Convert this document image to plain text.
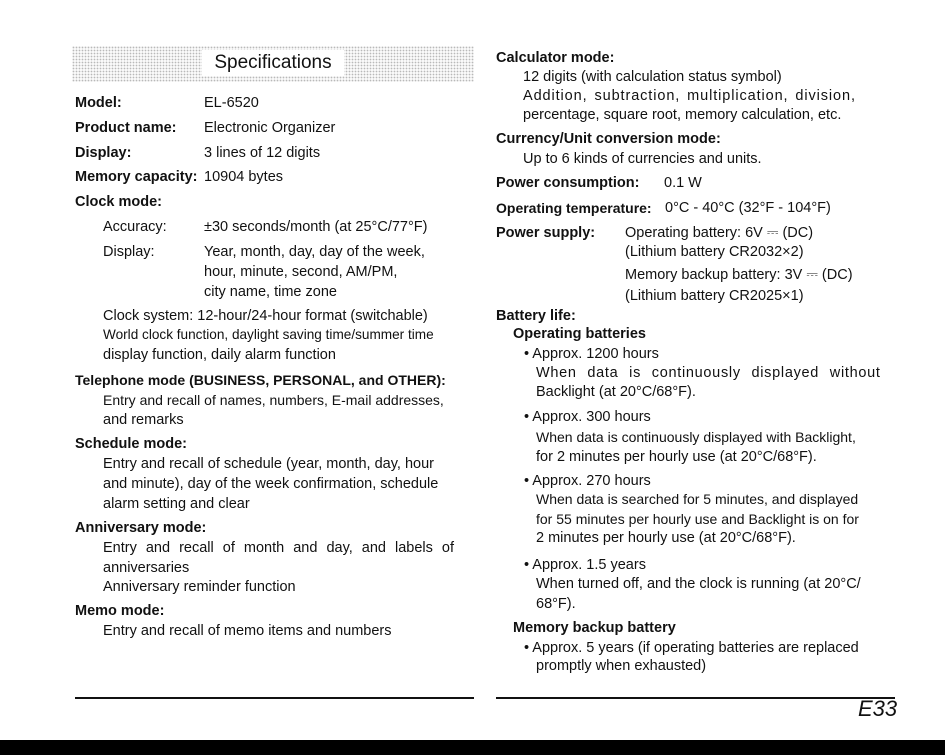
Specifications
Model:	EL-6520
Product name: Electronic Organizer
Display:	3 lines of 12 digits
Memory capacity: 10904 bytes
Clock mode:
Accuracy:	±30 seconds/month (at 25°C/77°F)
Display:	Year, month, day, day of the week,
hour, minute, second, AM/PM,
city name, time zone
Clock system: 12-hour/24-hour format (switchable)
World clock function, daylight saving time/summer time
display function, daily alarm function
Telephone mode (BUSINESS, PERSONAL, and OTHER):
Entry and recall of names, numbers, E-mail addresses,
and remarks
Schedule mode:
Entry and recall of schedule (year, month, day, hour
and minute), day of the week confirmation, schedule
alarm setting and clear
Anniversary mode:
Entry and recall of month and day, and labels of
anniversaries
Anniversary reminder function
Memo mode:
Entry and recall of memo items and numbers
Calculator mode:
12 digits (with calculation status symbol)
Addition, subtraction, multiplication, division,
percentage, square root, memory calculation, etc.
Currency/Unit conversion mode:
Up to 6 kinds of currencies and units.
Power consumption: 0.1 W
Operating temperature: 0°C - 40°C (32°F - 104°F)
Power supply: Operating battery: 6V ⎓ (DC)
(Lithium battery CR2032×2)
Memory backup battery: 3V ⎓ (DC)
(Lithium battery CR2025×1)
Battery life:
Operating batteries
• Approx. 1200 hours
When data is continuously displayed without
Backlight (at 20°C/68°F).
• Approx. 300 hours
When data is continuously displayed with Backlight,
for 2 minutes per hourly use (at 20°C/68°F).
• Approx. 270 hours
When data is searched for 5 minutes, and displayed
for 55 minutes per hourly use and Backlight is on for
2 minutes per hourly use (at 20°C/68°F).
• Approx. 1.5 years
When turned off, and the clock is running (at 20°C/
68°F).
Memory backup battery
• Approx. 5 years (if operating batteries are replaced
promptly when exhausted)
E33
